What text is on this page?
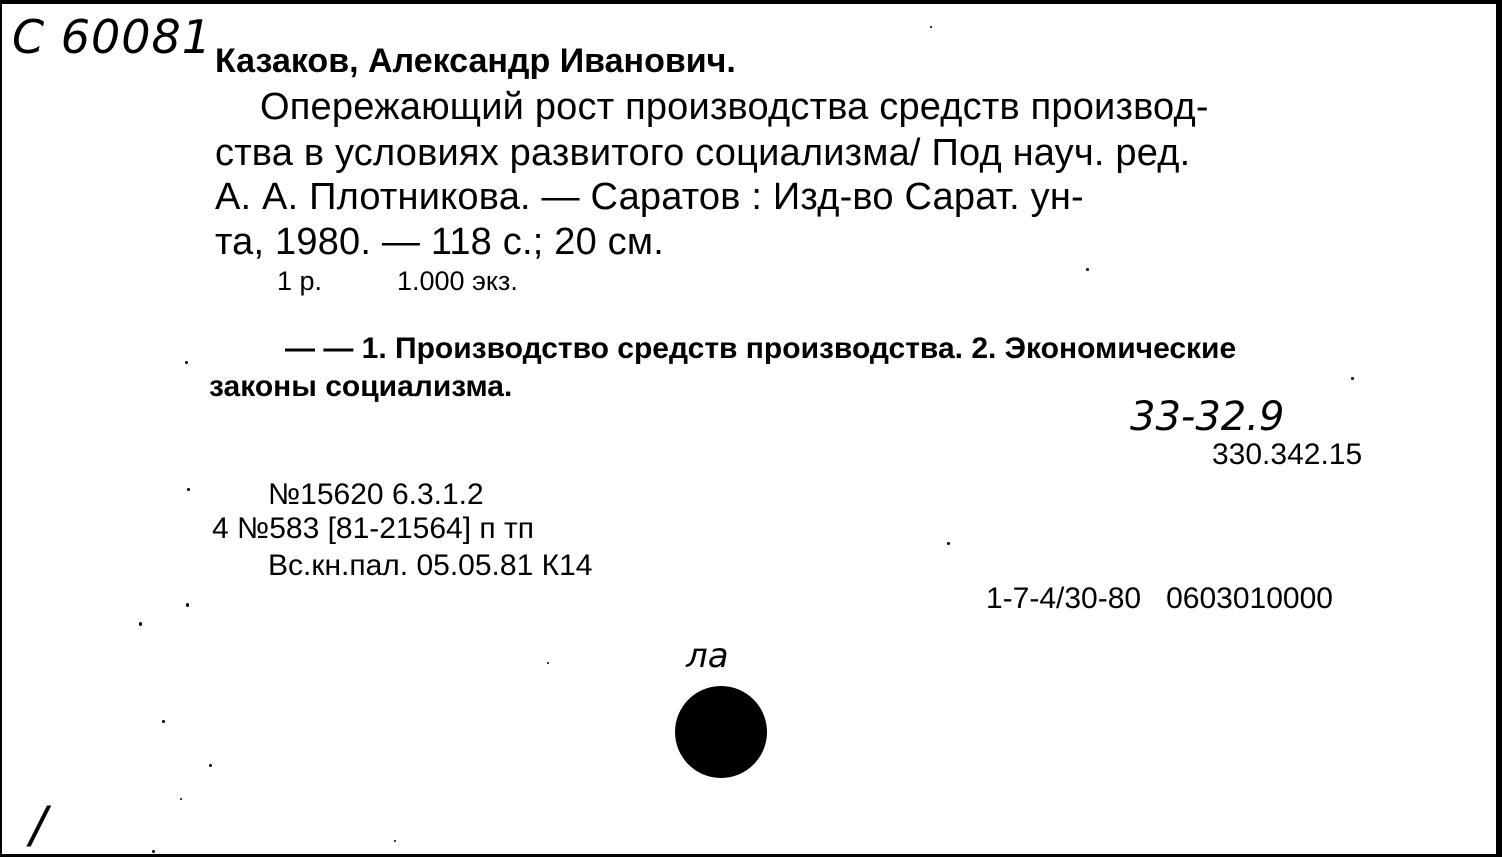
С 60081 Казаков, Александр Иванович.
Опережающий рост производства средств производ-
ства в условиях развитого социализма/ Под науч. ред.
А. А. Плотникова. — Саратов : Изд-во Сарат. ун-
та, 1980. — 118 с.; 20 см.
1 р.	1.000 экз.
— — 1. Производство средств производства. 2. Экономические
законы социализма.
33-32.9
330.342.15
№15620 6.3.1.2
4 №583 [81-21564] п тп
Вс.кн.пал. 05.05.81 К14
1-7-4/30-80   0603010000
ла
/
